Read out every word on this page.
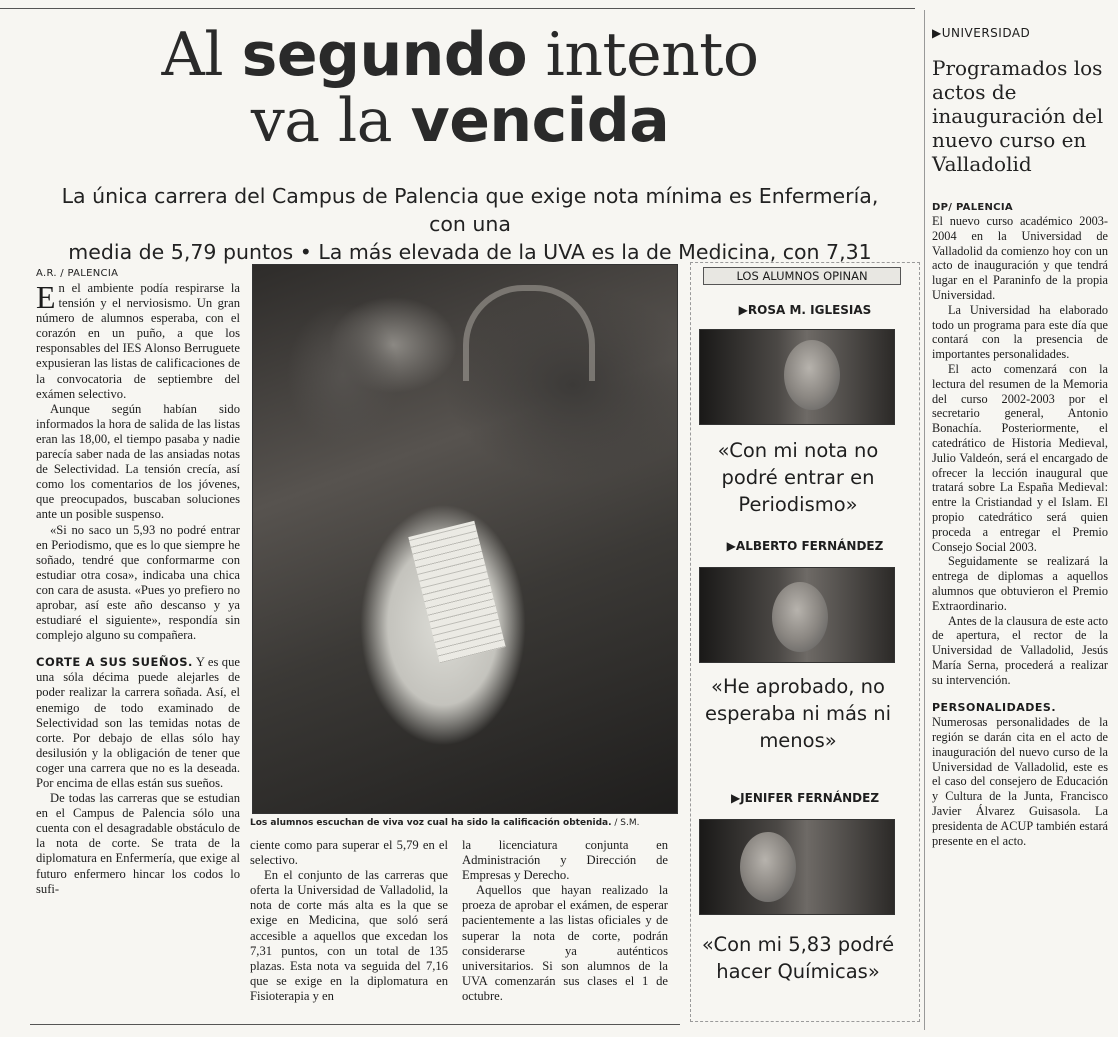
Al segundo intento
va la vencida
La única carrera del Campus de Palencia que exige nota mínima es Enfermería, con una
media de 5,79 puntos • La más elevada de la UVA es la de Medicina, con 7,31
A.R. / PALENCIA

En el ambiente podía respirarse la tensión y el nerviosismo. Un gran número de alumnos esperaba, con el corazón en un puño, a que los responsables del IES Alonso Berruguete expusieran las listas de calificaciones de la convocatoria de septiembre del exámen selectivo.

Aunque según habían sido informados la hora de salida de las listas eran las 18,00, el tiempo pasaba y nadie parecía saber nada de las ansiadas notas de Selectividad. La tensión crecía, así como los comentarios de los jóvenes, que preocupados, buscaban soluciones ante un posible suspenso.

«Si no saco un 5,93 no podré entrar en Periodismo, que es lo que siempre he soñado, tendré que conformarme con estudiar otra cosa», indicaba una chica con cara de asusta. «Pues yo prefiero no aprobar, así este año descanso y ya estudiaré el siguiente», respondía sin complejo alguno su compañera.

CORTE A SUS SUEÑOS. Y es que una sóla décima puede alejarles de poder realizar la carrera soñada. Así, el enemigo de todo examinado de Selectividad son las temidas notas de corte. Por debajo de ellas sólo hay desilusión y la obligación de tener que coger una carrera que no es la deseada. Por encima de ellas están sus sueños.

De todas las carreras que se estudian en el Campus de Palencia sólo una cuenta con el desagradable obstáculo de la nota de corte. Se trata de la diplomatura en Enfermería, que exige al futuro enfermero hincar los codos lo sufi-

Los alumnos escuchan de viva voz cual ha sido la calificación obtenida. / S.M.

ciente como para superar el 5,79 en el selectivo.

En el conjunto de las carreras que oferta la Universidad de Valladolid, la nota de corte más alta es la que se exige en Medicina, que soló será accesible a aquellos que excedan los 7,31 puntos, con un total de 135 plazas. Esta nota va seguida del 7,16 que se exige en la diplomatura en Fisioterapia y en

la licenciatura conjunta en Administración y Dirección de Empresas y Derecho.

Aquellos que hayan realizado la proeza de aprobar el exámen, de esperar pacientemente a las listas oficiales y de superar la nota de corte, podrán considerarse ya auténticos universitarios. Si son alumnos de la UVA comenzarán sus clases el 1 de octubre.

LOS ALUMNOS OPINAN
▶ROSA M. IGLESIAS
«Con mi nota no podré entrar en Periodismo»
▶ALBERTO FERNÁNDEZ
«He aprobado, no esperaba ni más ni menos»
▶JENIFER FERNÁNDEZ
«Con mi 5,83 podré hacer Químicas»
▶UNIVERSIDAD
Programados los actos de inauguración del nuevo curso en Valladolid
DP/ PALENCIA

El nuevo curso académico 2003-2004 en la Universidad de Valladolid da comienzo hoy con un acto de inauguración y que tendrá lugar en el Paraninfo de la propia Universidad.

La Universidad ha elaborado todo un programa para este día que contará con la presencia de importantes personalidades.

El acto comenzará con la lectura del resumen de la Memoria del curso 2002-2003 por el secretario general, Antonio Bonachía. Posteriormente, el catedrático de Historia Medieval, Julio Valdeón, será el encargado de ofrecer la lección inaugural que tratará sobre La España Medieval: entre la Cristiandad y el Islam. El propio catedrático será quien proceda a entregar el Premio Consejo Social 2003.

Seguidamente se realizará la entrega de diplomas a aquellos alumnos que obtuvieron el Premio Extraordinario.

Antes de la clausura de este acto de apertura, el rector de la Universidad de Valladolid, Jesús María Serna, procederá a realizar su intervención.

PERSONALIDADES. Numerosas personalidades de la región se darán cita en el acto de inauguración del nuevo curso de la Universidad de Valladolid, este es el caso del consejero de Educación y Cultura de la Junta, Francisco Javier Álvarez Guisasola. La presidenta de ACUP también estará presente en el acto.
